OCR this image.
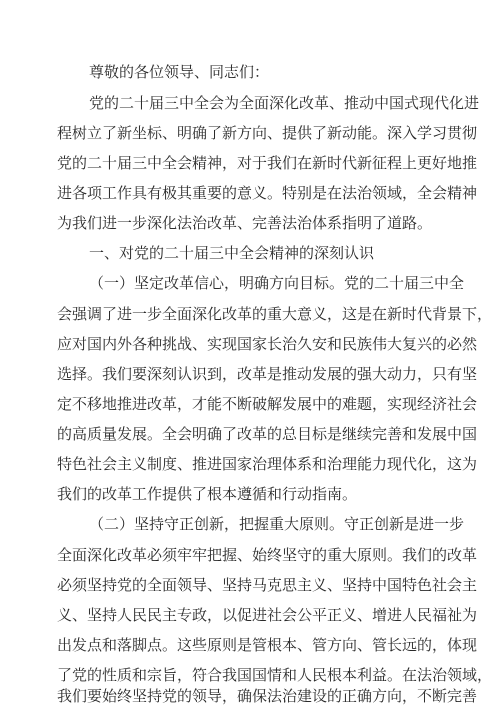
尊敬的各位领导、同志们：
党的二十届三中全会为全面深化改革、推动中国式现代化进
程树立了新坐标、明确了新方向、提供了新动能。深入学习贯彻
党的二十届三中全会精神，对于我们在新时代新征程上更好地推
进各项工作具有极其重要的意义。特别是在法治领域，全会精神
为我们进一步深化法治改革、完善法治体系指明了道路。
一、对党的二十届三中全会精神的深刻认识
（一）坚定改革信心，明确方向目标。党的二十届三中全
会强调了进一步全面深化改革的重大意义，这是在新时代背景下，
应对国内外各种挑战、实现国家长治久安和民族伟大复兴的必然
选择。我们要深刻认识到，改革是推动发展的强大动力，只有坚
定不移地推进改革，才能不断破解发展中的难题，实现经济社会
的高质量发展。全会明确了改革的总目标是继续完善和发展中国
特色社会主义制度、推进国家治理体系和治理能力现代化，这为
我们的改革工作提供了根本遵循和行动指南。
（二）坚持守正创新，把握重大原则。守正创新是进一步
全面深化改革必须牢牢把握、始终坚守的重大原则。我们的改革
必须坚持党的全面领导、坚持马克思主义、坚持中国特色社会主
义、坚持人民民主专政，以促进社会公平正义、增进人民福祉为
出发点和落脚点。这些原则是管根本、管方向、管长远的，体现
了党的性质和宗旨，符合我国国情和人民根本利益。在法治领域，
我们要始终坚持党的领导，确保法治建设的正确方向，不断完善
